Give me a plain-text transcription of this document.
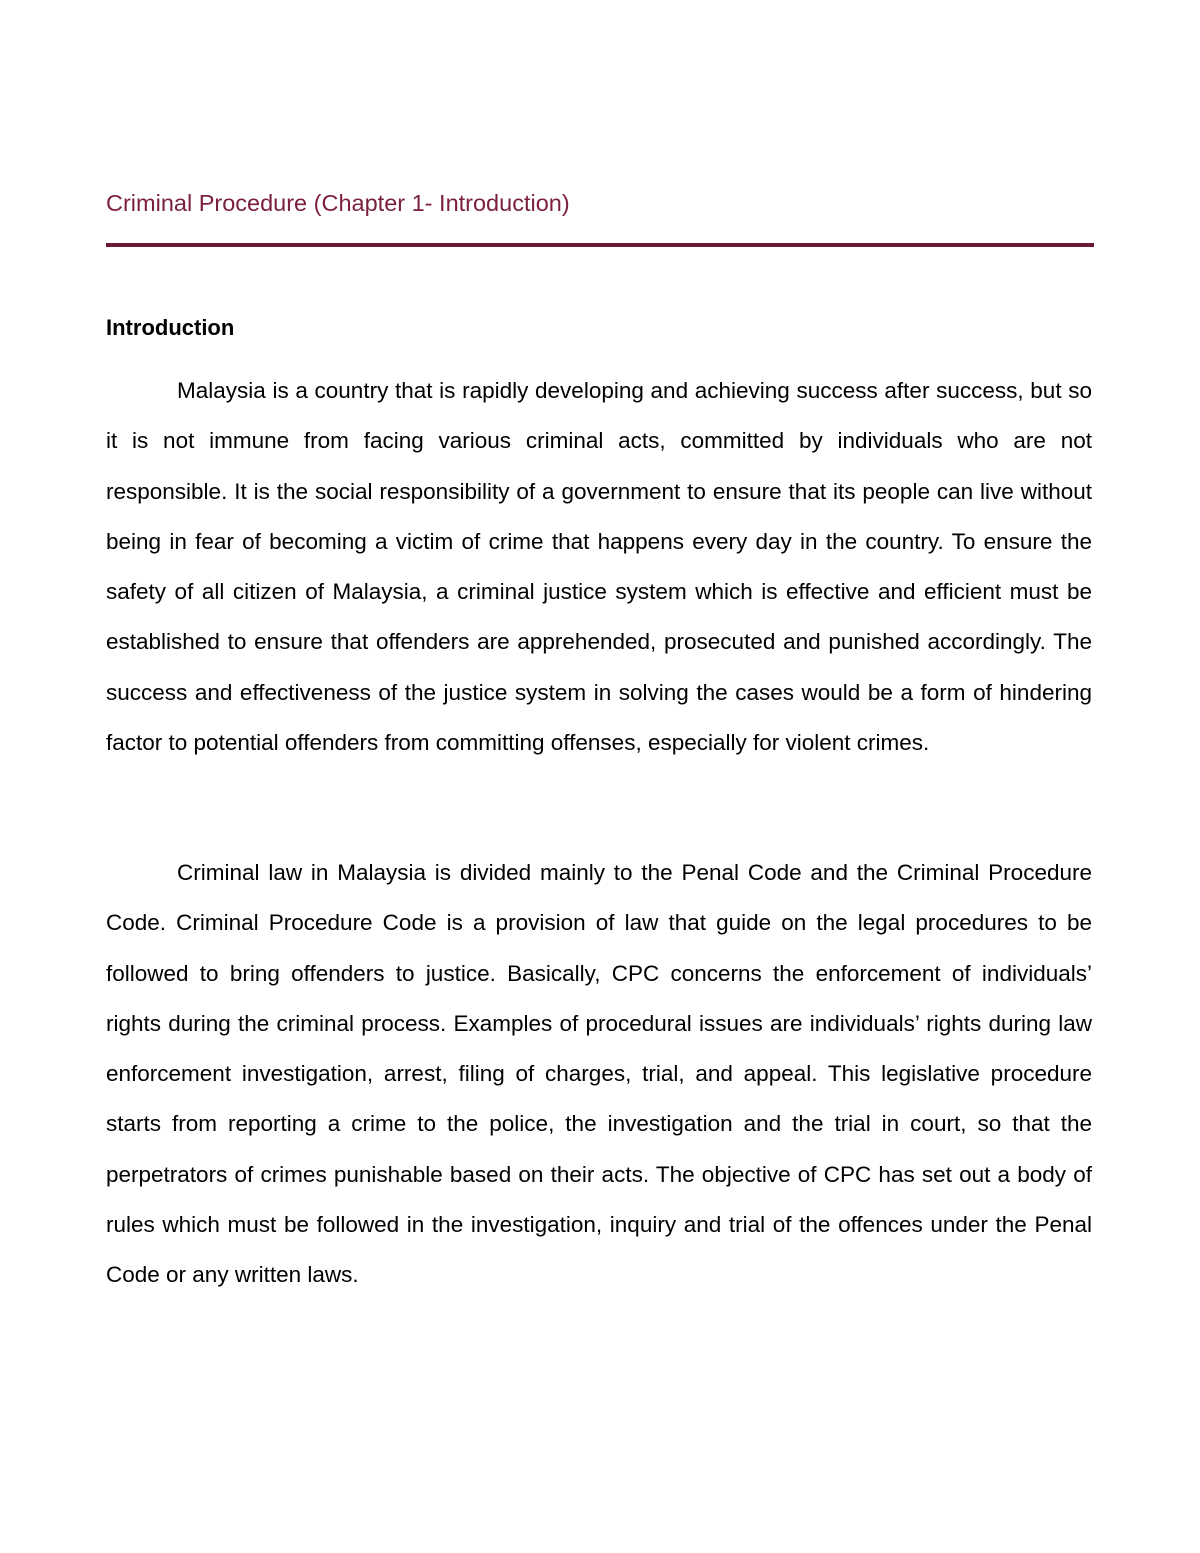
Criminal Procedure (Chapter 1- Introduction)
Introduction

Malaysia is a country that is rapidly developing and achieving success after success, but so it is not immune from facing various criminal acts, committed by individuals who are not responsible. It is the social responsibility of a government to ensure that its people can live without being in fear of becoming a victim of crime that happens every day in the country. To ensure the safety of all citizen of Malaysia, a criminal justice system which is effective and efficient must be established to ensure that offenders are apprehended, prosecuted and punished accordingly. The success and effectiveness of the justice system in solving the cases would be a form of hindering factor to potential offenders from committing offenses, especially for violent crimes.

Criminal law in Malaysia is divided mainly to the Penal Code and the Criminal Procedure Code. Criminal Procedure Code is a provision of law that guide on the legal procedures to be followed to bring offenders to justice. Basically, CPC concerns the enforcement of individuals’ rights during the criminal process. Examples of procedural issues are individuals’ rights during law enforcement investigation, arrest, filing of charges, trial, and appeal. This legislative procedure starts from reporting a crime to the police, the investigation and the trial in court, so that the perpetrators of crimes punishable based on their acts. The objective of CPC has set out a body of rules which must be followed in the investigation, inquiry and trial of the offences under the Penal Code or any written laws.
